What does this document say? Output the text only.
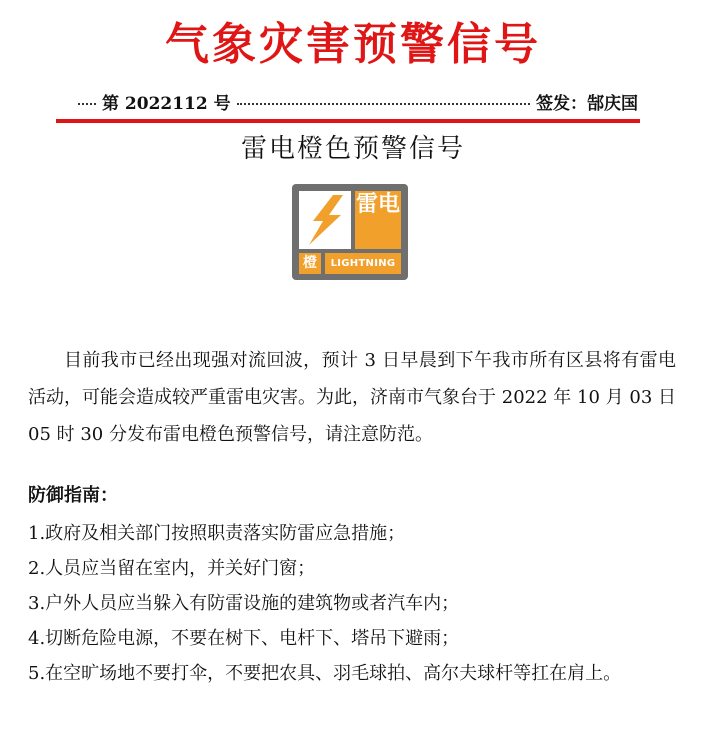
气象灾害预警信号
第 2022112 号	签发：郜庆国
雷电橙色预警信号
雷电
橙	LIGHTNING

目前我市已经出现强对流回波，预计 3 日早晨到下午我市所有区县将有雷电活动，可能会造成较严重雷电灾害。为此，济南市气象台于 2022 年 10 月 03 日 05 时 30 分发布雷电橙色预警信号，请注意防范。

防御指南：
1.政府及相关部门按照职责落实防雷应急措施；
2.人员应当留在室内，并关好门窗；
3.户外人员应当躲入有防雷设施的建筑物或者汽车内；
4.切断危险电源，不要在树下、电杆下、塔吊下避雨；
5.在空旷场地不要打伞，不要把农具、羽毛球拍、高尔夫球杆等扛在肩上。
